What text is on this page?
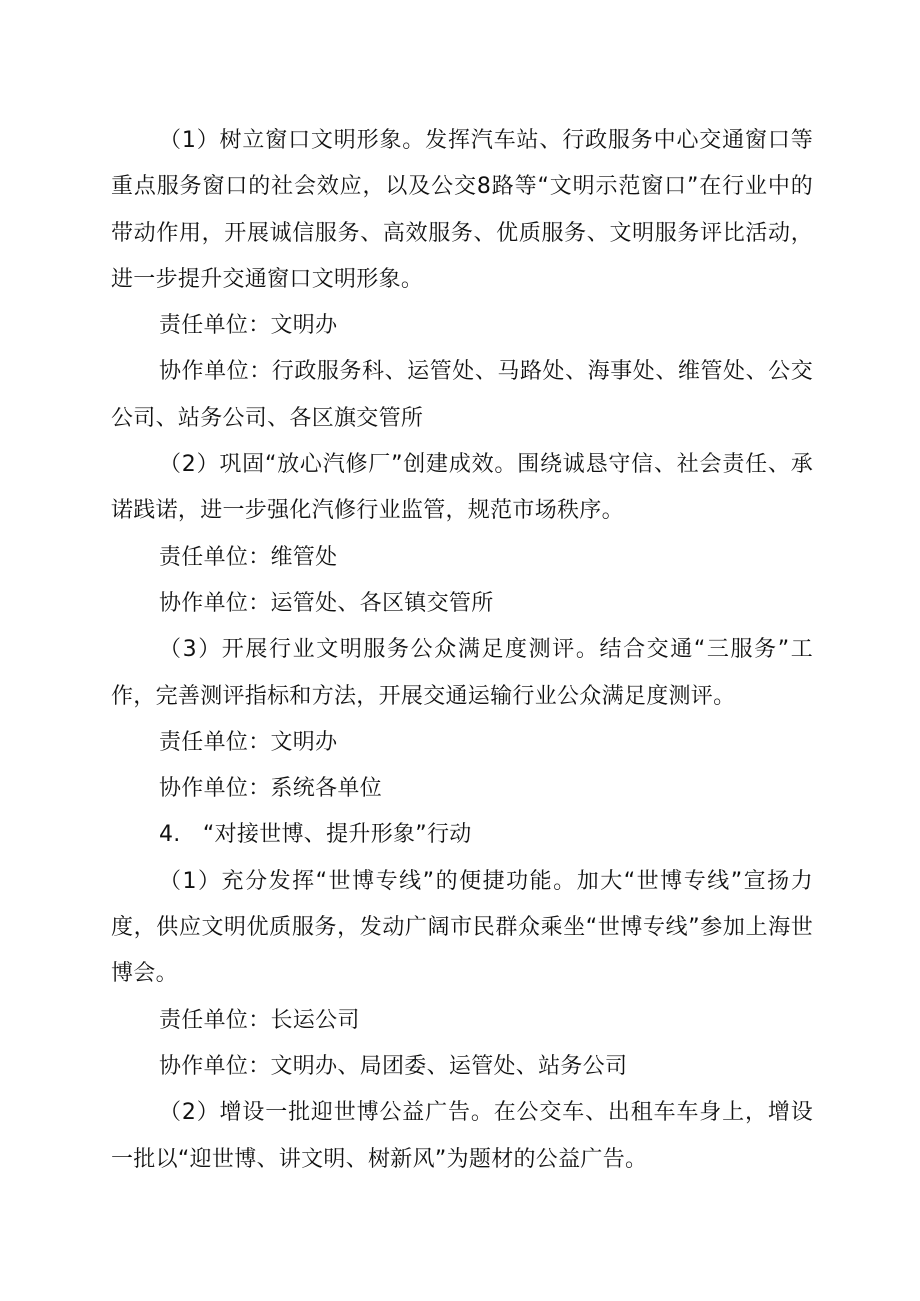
（1）树立窗口文明形象。发挥汽车站、行政服务中心交通窗口等重点服务窗口的社会效应，以及公交8路等“文明示范窗口”在行业中的带动作用，开展诚信服务、高效服务、优质服务、文明服务评比活动，进一步提升交通窗口文明形象。

责任单位：文明办

协作单位：行政服务科、运管处、马路处、海事处、维管处、公交公司、站务公司、各区旗交管所

（2）巩固“放心汽修厂”创建成效。围绕诚恳守信、社会责任、承诺践诺，进一步强化汽修行业监管，规范市场秩序。

责任单位：维管处

协作单位：运管处、各区镇交管所

（3）开展行业文明服务公众满足度测评。结合交通“三服务”工作，完善测评指标和方法，开展交通运输行业公众满足度测评。

责任单位：文明办

协作单位：系统各单位

4.　“对接世博、提升形象”行动

（1）充分发挥“世博专线”的便捷功能。加大“世博专线”宣扬力度，供应文明优质服务，发动广阔市民群众乘坐“世博专线”参加上海世博会。

责任单位：长运公司

协作单位：文明办、局团委、运管处、站务公司

（2）增设一批迎世博公益广告。在公交车、出租车车身上，增设一批以“迎世博、讲文明、树新风”为题材的公益广告。
